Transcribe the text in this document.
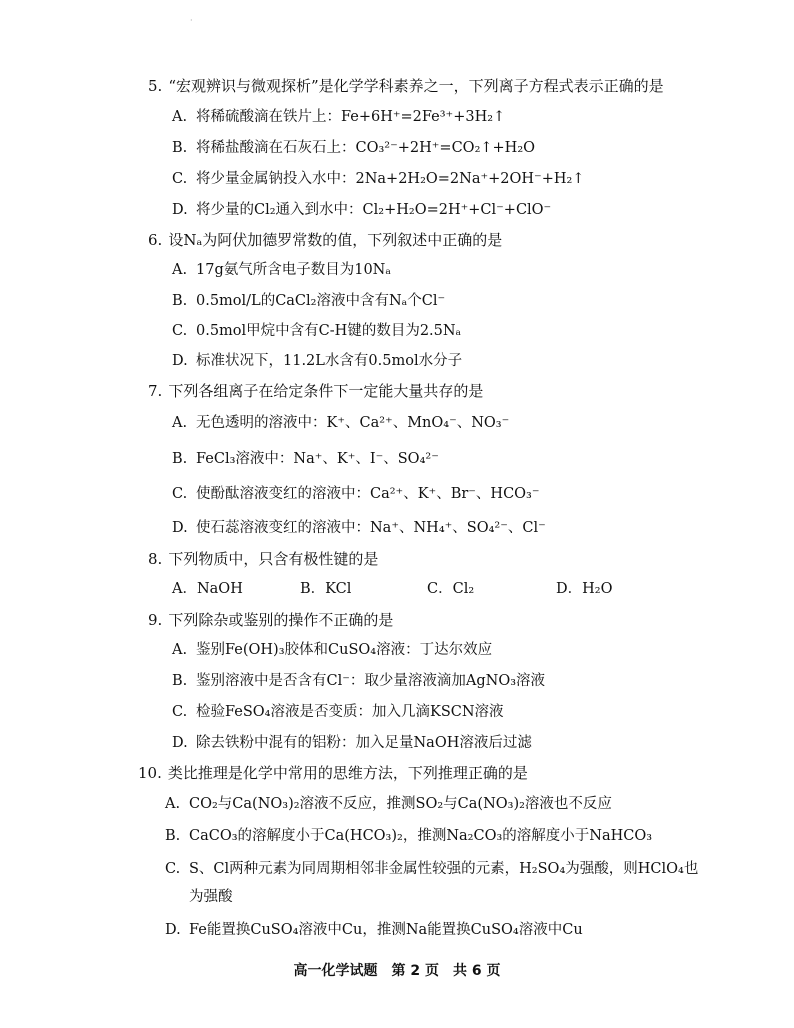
·
5. “宏观辨识与微观探析”是化学学科素养之一，下列离子方程式表示正确的是
A. 将稀硫酸滴在铁片上：Fe+6H⁺=2Fe³⁺+3H₂↑
B. 将稀盐酸滴在石灰石上：CO₃²⁻+2H⁺=CO₂↑+H₂O
C. 将少量金属钠投入水中：2Na+2H₂O=2Na⁺+2OH⁻+H₂↑
D. 将少量的Cl₂通入到水中：Cl₂+H₂O=2H⁺+Cl⁻+ClO⁻
6. 设Nₐ为阿伏加德罗常数的值，下列叙述中正确的是
A. 17g氨气所含电子数目为10Nₐ
B. 0.5mol/L的CaCl₂溶液中含有Nₐ个Cl⁻
C. 0.5mol甲烷中含有C-H键的数目为2.5Nₐ
D. 标准状况下，11.2L水含有0.5mol水分子
7. 下列各组离子在给定条件下一定能大量共存的是
A. 无色透明的溶液中：K⁺、Ca²⁺、MnO₄⁻、NO₃⁻
B. FeCl₃溶液中：Na⁺、K⁺、I⁻、SO₄²⁻
C. 使酚酞溶液变红的溶液中：Ca²⁺、K⁺、Br⁻、HCO₃⁻
D. 使石蕊溶液变红的溶液中：Na⁺、NH₄⁺、SO₄²⁻、Cl⁻
8. 下列物质中，只含有极性键的是
A．NaOH	B．KCl	C．Cl₂	D．H₂O
9. 下列除杂或鉴别的操作不正确的是
A. 鉴别Fe(OH)₃胶体和CuSO₄溶液：丁达尔效应
B. 鉴别溶液中是否含有Cl⁻：取少量溶液滴加AgNO₃溶液
C. 检验FeSO₄溶液是否变质：加入几滴KSCN溶液
D. 除去铁粉中混有的铝粉：加入足量NaOH溶液后过滤
10. 类比推理是化学中常用的思维方法，下列推理正确的是
A. CO₂与Ca(NO₃)₂溶液不反应，推测SO₂与Ca(NO₃)₂溶液也不反应
B. CaCO₃的溶解度小于Ca(HCO₃)₂，推测Na₂CO₃的溶解度小于NaHCO₃
C. S、Cl两种元素为同周期相邻非金属性较强的元素，H₂SO₄为强酸，则HClO₄也
为强酸
D. Fe能置换CuSO₄溶液中Cu，推测Na能置换CuSO₄溶液中Cu
高一化学试题　第 2 页　共 6 页
